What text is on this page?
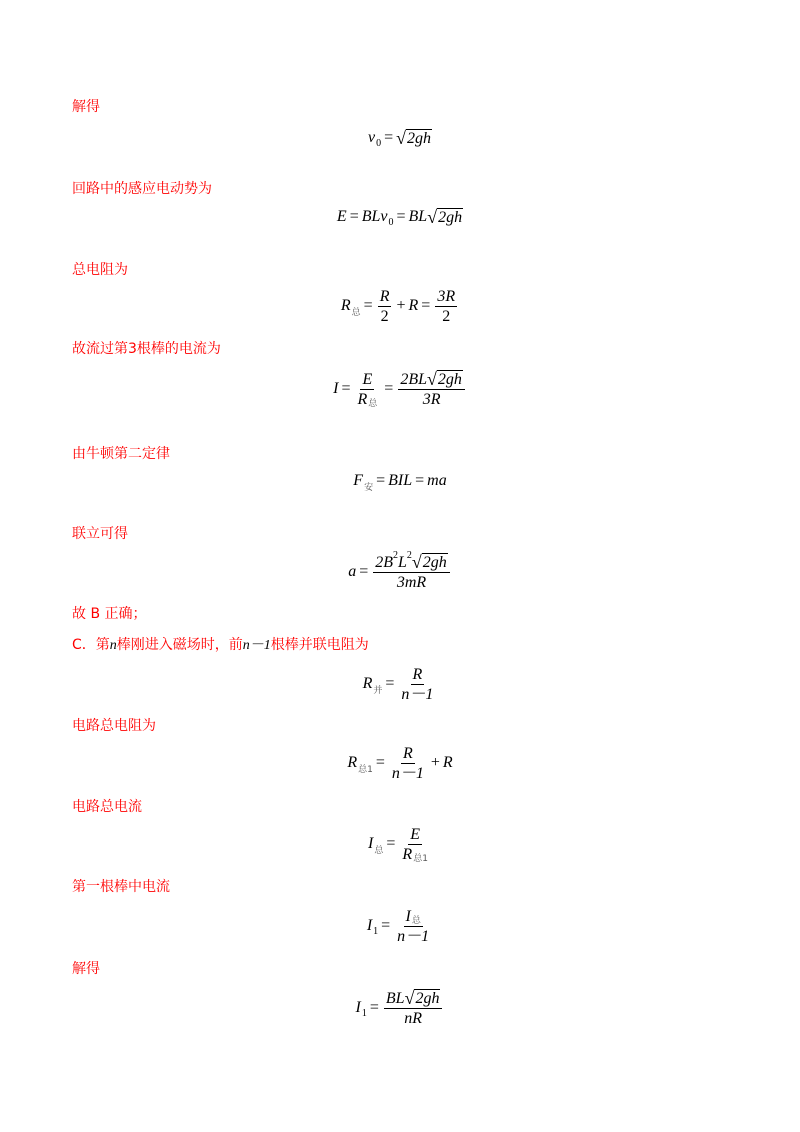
解得
v 0 = √ 2gh
回路中的感应电动势为
E = BLv 0 = BL √ 2gh
总电阻为
R 总 = $\frac{R}{2} + R = \frac{3R}{2}$
故流过第3根棒的电流为
$I = \frac{E}{\text{R 总}} = \frac{2BL √ 2gh}{3R}$
由牛顿第二定律
F 安 = BIL = ma
联立可得
$a = \frac{2B 2 L 2 √ 2gh}{3mR}$
故 B 正确；
C．第n棒刚进入磁场时，前n－1根棒并联电阻为
R 并 = $\frac{R}{n-1}$
电路总电阻为
R 总$1 = \frac{R}{n-1} + R$
电路总电流
I 总 = $\frac{E}{\text{R 总1}}$
第一根棒中电流
I $1 = \frac{\text{I 总}}{n-1}$
解得
I $1 = \frac{BL √ 2gh}{nR}$
